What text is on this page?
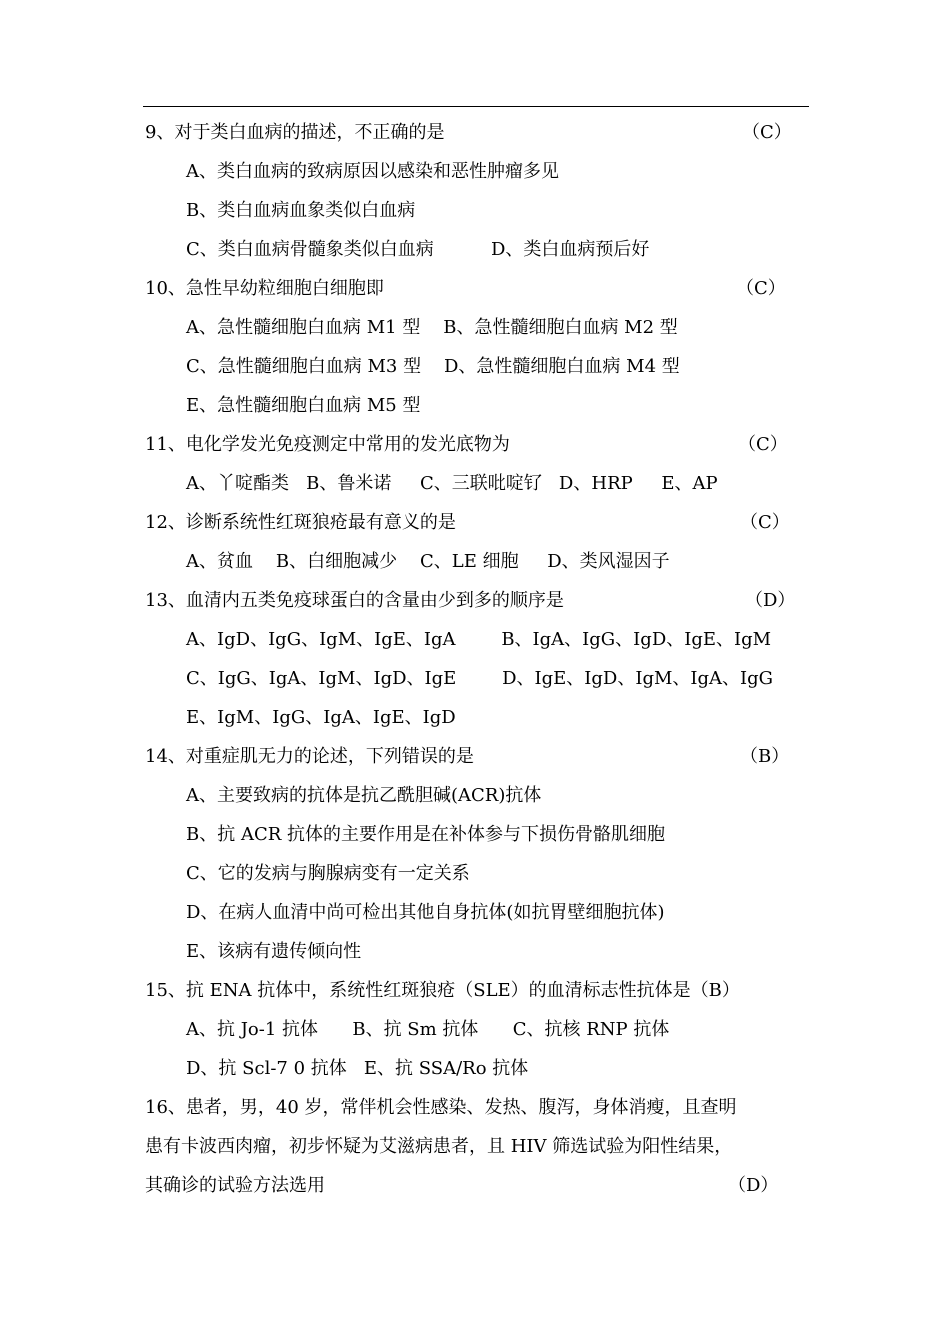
9、对于类白血病的描述，不正确的是	（C）
A、类白血病的致病原因以感染和恶性肿瘤多见
B、类白血病血象类似白血病
C、类白血病骨髓象类似白血病          D、类白血病预后好
10、急性早幼粒细胞白细胞即	（C）
A、急性髓细胞白血病 M1 型    B、急性髓细胞白血病 M2 型
C、急性髓细胞白血病 M3 型    D、急性髓细胞白血病 M4 型
E、急性髓细胞白血病 M5 型
11、电化学发光免疫测定中常用的发光底物为	（C）
A、丫啶酯类   B、鲁米诺     C、三联吡啶钌   D、HRP     E、AP
12、诊断系统性红斑狼疮最有意义的是	（C）
A、贫血    B、白细胞减少    C、LE 细胞     D、类风湿因子
13、血清内五类免疫球蛋白的含量由少到多的顺序是	（D）
A、IgD、IgG、IgM、IgE、IgA        B、IgA、IgG、IgD、IgE、IgM
C、IgG、IgA、IgM、IgD、IgE        D、IgE、IgD、IgM、IgA、IgG
E、IgM、IgG、IgA、IgE、IgD
14、对重症肌无力的论述，下列错误的是	（B）
A、主要致病的抗体是抗乙酰胆碱(ACR)抗体
B、抗 ACR 抗体的主要作用是在补体参与下损伤骨骼肌细胞
C、它的发病与胸腺病变有一定关系
D、在病人血清中尚可检出其他自身抗体(如抗胃壁细胞抗体)
E、该病有遗传倾向性
15、抗 ENA 抗体中，系统性红斑狼疮（SLE）的血清标志性抗体是（B）
A、抗 Jo-1 抗体      B、抗 Sm 抗体      C、抗核 RNP 抗体
D、抗 Scl-7 0 抗体   E、抗 SSA/Ro 抗体
16、患者，男，40 岁，常伴机会性感染、发热、腹泻，身体消瘦，且查明
患有卡波西肉瘤，初步怀疑为艾滋病患者，且 HIV 筛选试验为阳性结果，
其确诊的试验方法选用	（D）
